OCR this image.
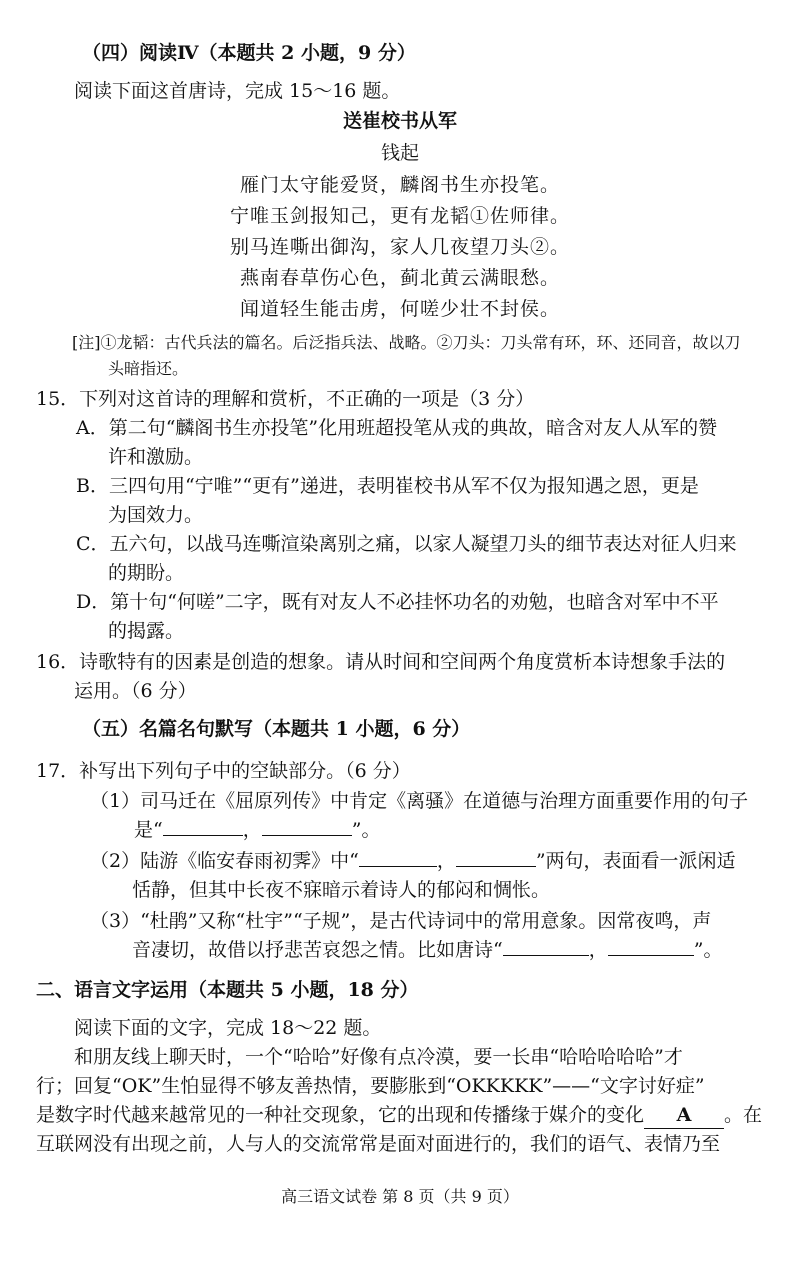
（四）阅读Ⅳ（本题共 2 小题，9 分）
阅读下面这首唐诗，完成 15～16 题。
送崔校书从军
钱起
雁门太守能爱贤，麟阁书生亦投笔。
宁唯玉剑报知己，更有龙韬①佐师律。
别马连嘶出御沟，家人几夜望刀头②。
燕南春草伤心色，蓟北黄云满眼愁。
闻道轻生能击虏，何嗟少壮不封侯。
[注]①龙韬：古代兵法的篇名。后泛指兵法、战略。②刀头：刀头常有环，环、还同音，故以刀
头暗指还。
15．下列对这首诗的理解和赏析，不正确的一项是（3 分）
A．第二句“麟阁书生亦投笔”化用班超投笔从戎的典故，暗含对友人从军的赞
许和激励。
B．三四句用“宁唯”“更有”递进，表明崔校书从军不仅为报知遇之恩，更是
为国效力。
C．五六句，以战马连嘶渲染离别之痛，以家人凝望刀头的细节表达对征人归来
的期盼。
D．第十句“何嗟”二字，既有对友人不必挂怀功名的劝勉，也暗含对军中不平
的揭露。
16．诗歌特有的因素是创造的想象。请从时间和空间两个角度赏析本诗想象手法的
运用。（6 分）
（五）名篇名句默写（本题共 1 小题，6 分）
17．补写出下列句子中的空缺部分。（6 分）
（1）司马迁在《屈原列传》中肯定《离骚》在道德与治理方面重要作用的句子
是“	，	”。
（2）陆游《临安春雨初霁》中“	，	”两句，表面看一派闲适
恬静，但其中长夜不寐暗示着诗人的郁闷和惆怅。
（3）“杜鹃”又称“杜宇”“子规”，是古代诗词中的常用意象。因常夜鸣，声
音凄切，故借以抒悲苦哀怨之情。比如唐诗“	，	”。
二、语言文字运用（本题共 5 小题，18 分）
阅读下面的文字，完成 18～22 题。
和朋友线上聊天时，一个“哈哈”好像有点冷漠，要一长串“哈哈哈哈哈”才
行；回复“OK”生怕显得不够友善热情，要膨胀到“OKKKKK”——“文字讨好症”
是数字时代越来越常见的一种社交现象，它的出现和传播缘于媒介的变化 A 。在
互联网没有出现之前，人与人的交流常常是面对面进行的，我们的语气、表情乃至
高三语文试卷 第 8 页（共 9 页）
